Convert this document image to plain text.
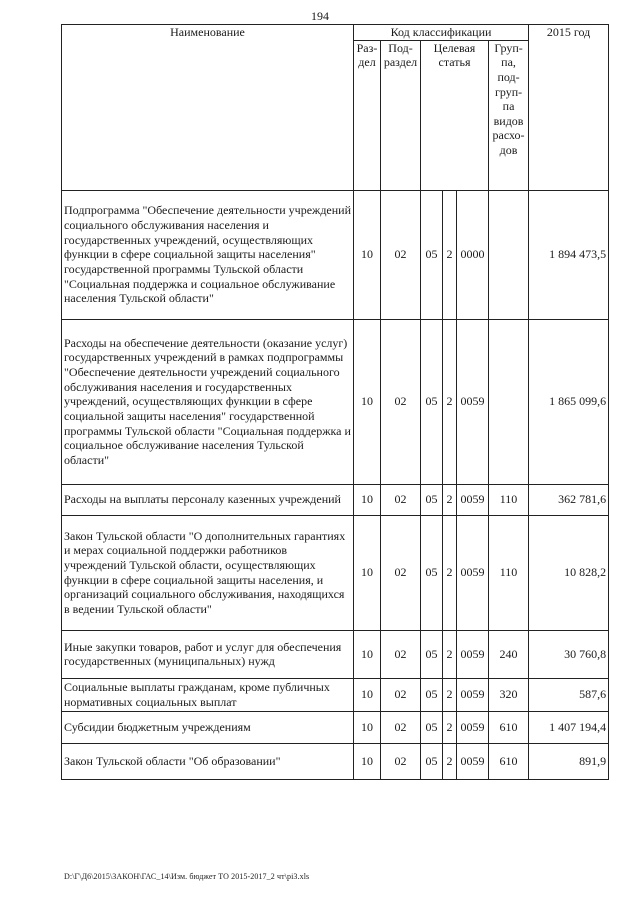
194
Наименование	Код классификации						2015 год
	Раз-дел	Под-раздел	Целевая статья			Груп-па, под-груп-па видов расхо-дов	
Подпрограмма "Обеспечение деятельности учреждений социального обслуживания населения и государственных учреждений, осуществляющих функции в сфере социальной защиты населения" государственной программы Тульской области "Социальная поддержка и социальное обслуживание населения Тульской области"	10	02	05	2	0000		1 894 473,5
Расходы на обеспечение деятельности (оказание услуг) государственных учреждений в рамках подпрограммы "Обеспечение деятельности учреждений социального обслуживания населения и государственных учреждений, осуществляющих функции в сфере социальной защиты населения" государственной программы Тульской области "Социальная поддержка и социальное обслуживание населения Тульской области"	10	02	05	2	0059		1 865 099,6
Расходы на выплаты персоналу казенных учреждений	10	02	05	2	0059	110	362 781,6
Закон Тульской области "О дополнительных гарантиях и мерах социальной поддержки работников учреждений Тульской области, осуществляющих функции в сфере социальной защиты населения, и организаций социального обслуживания, находящихся в ведении Тульской области"	10	02	05	2	0059	110	10 828,2
Иные закупки товаров, работ и услуг для обеспечения государственных (муниципальных) нужд	10	02	05	2	0059	240	30 760,8
Социальные выплаты гражданам, кроме публичных нормативных социальных выплат	10	02	05	2	0059	320	587,6
Субсидии бюджетным учреждениям	10	02	05	2	0059	610	1 407 194,4
Закон Тульской области "Об образовании"	10	02	05	2	0059	610	891,9
D:\Г\Д6\2015\ЗАКОН\ГАС_14\Изм. бюджет ТО 2015-2017_2 чт\pi3.xls
